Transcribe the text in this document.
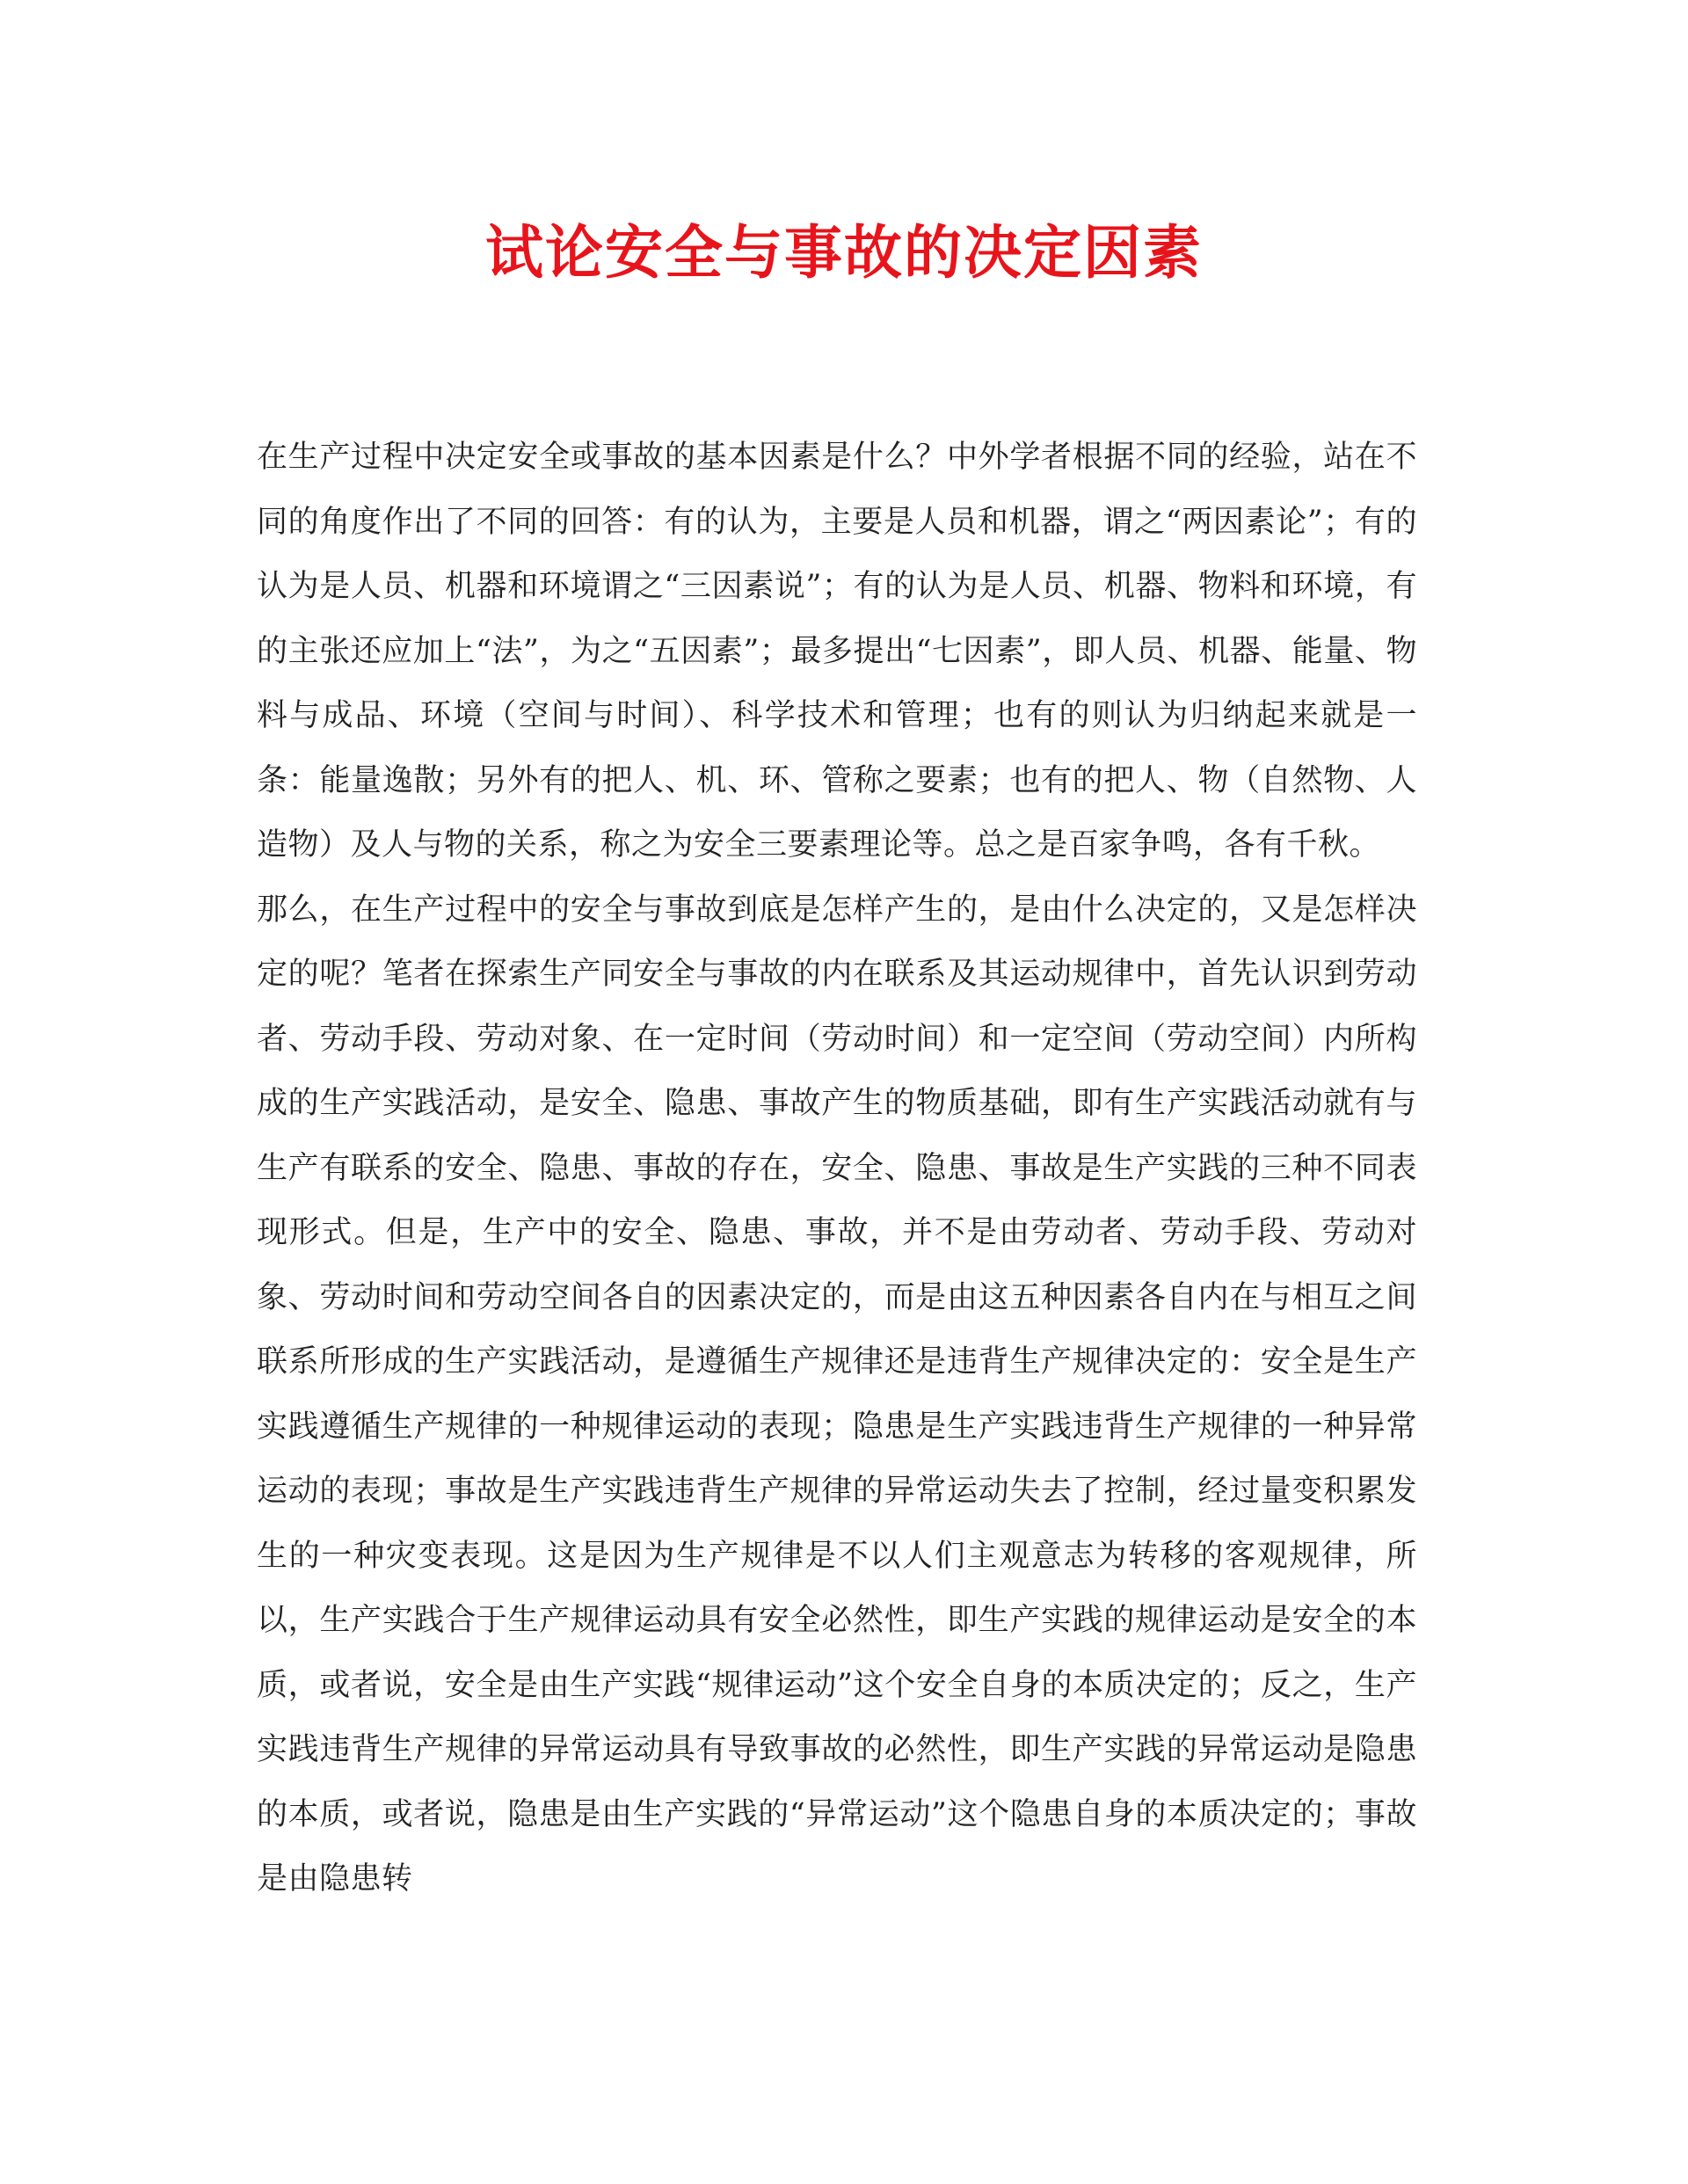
试论安全与事故的决定因素

在生产过程中决定安全或事故的基本因素是什么？中外学者根据不同的经验，站在不同的角度作出了不同的回答：有的认为，主要是人员和机器，谓之“两因素论”；有的认为是人员、机器和环境谓之“三因素说”；有的认为是人员、机器、物料和环境，有的主张还应加上“法”，为之“五因素”；最多提出“七因素”，即人员、机器、能量、物料与成品、环境（空间与时间）、科学技术和管理；也有的则认为归纳起来就是一条：能量逸散；另外有的把人、机、环、管称之要素；也有的把人、物（自然物、人造物）及人与物的关系，称之为安全三要素理论等。总之是百家争鸣，各有千秋。

那么，在生产过程中的安全与事故到底是怎样产生的，是由什么决定的，又是怎样决定的呢？笔者在探索生产同安全与事故的内在联系及其运动规律中，首先认识到劳动者、劳动手段、劳动对象、在一定时间（劳动时间）和一定空间（劳动空间）内所构成的生产实践活动，是安全、隐患、事故产生的物质基础，即有生产实践活动就有与生产有联系的安全、隐患、事故的存在，安全、隐患、事故是生产实践的三种不同表现形式。但是，生产中的安全、隐患、事故，并不是由劳动者、劳动手段、劳动对象、劳动时间和劳动空间各自的因素决定的，而是由这五种因素各自内在与相互之间联系所形成的生产实践活动，是遵循生产规律还是违背生产规律决定的：安全是生产实践遵循生产规律的一种规律运动的表现；隐患是生产实践违背生产规律的一种异常运动的表现；事故是生产实践违背生产规律的异常运动失去了控制，经过量变积累发生的一种灾变表现。这是因为生产规律是不以人们主观意志为转移的客观规律，所以，生产实践合于生产规律运动具有安全必然性，即生产实践的规律运动是安全的本质，或者说，安全是由生产实践“规律运动”这个安全自身的本质决定的；反之，生产实践违背生产规律的异常运动具有导致事故的必然性，即生产实践的异常运动是隐患的本质，或者说，隐患是由生产实践的“异常运动”这个隐患自身的本质决定的；事故是由隐患转
